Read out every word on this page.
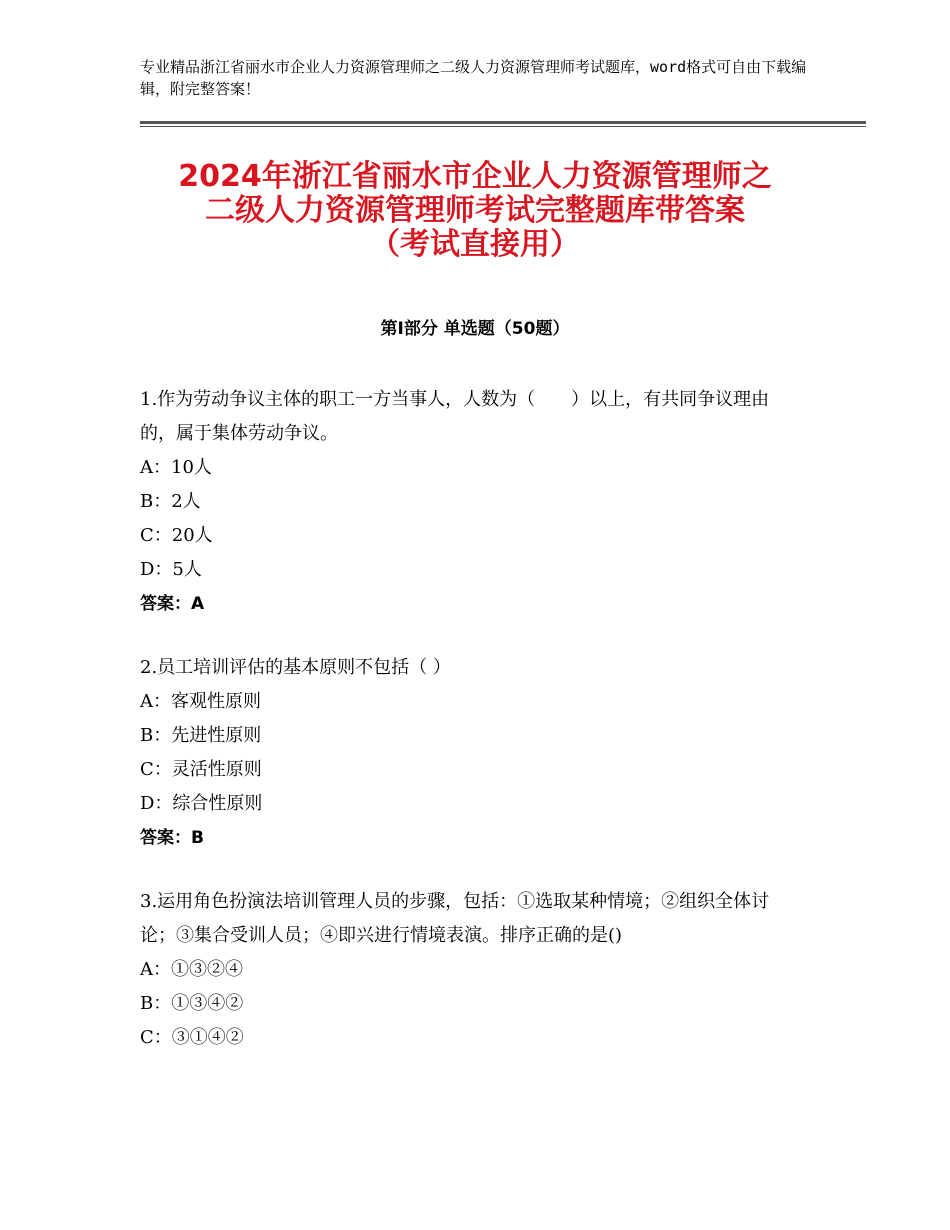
专业精品浙江省丽水市企业人力资源管理师之二级人力资源管理师考试题库，word格式可自由下载编辑，附完整答案！
2024年浙江省丽水市企业人力资源管理师之
二级人力资源管理师考试完整题库带答案
（考试直接用）
第Ⅰ部分 单选题（50题）
1.作为劳动争议主体的职工一方当事人，人数为（　　）以上，有共同争议理由的，属于集体劳动争议。
A：10人
B：2人
C：20人
D：5人
答案：A
2.员工培训评估的基本原则不包括（ ）
A：客观性原则
B：先进性原则
C：灵活性原则
D：综合性原则
答案：B
3.运用角色扮演法培训管理人员的步骤，包括：①选取某种情境；②组织全体讨论；③集合受训人员；④即兴进行情境表演。排序正确的是()
A：①③②④
B：①③④②
C：③①④②
